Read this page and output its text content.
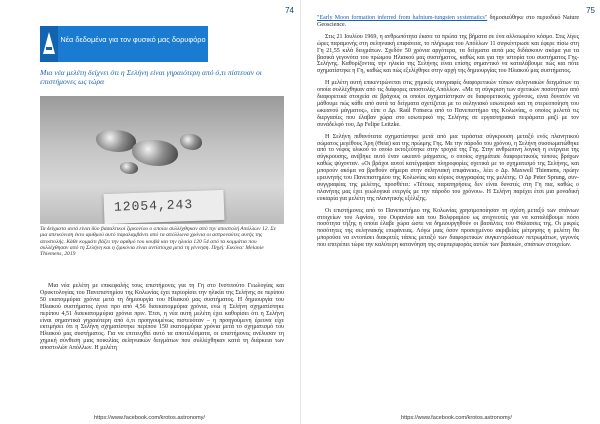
74
Νέα δεδομένα για τον φυσικό μας δορυφόρο
Μια νέα μελέτη δείχνει ότι η Σελήνη είναι γηραιότερη από ό,τι πίστευαν οι επιστήμονες ως τώρα
12054,243
Τα δείγματα αυτά είναι δύο βασαλτικοί ζιρκονίου ο οποίοι συλλέχθηκαν από την αποστολή Απόλλων 12. Σε μια απεικόνιση έκτο αριθμού αυτό παραλαμβάνει από τα απόλλωνα χρόνια οι αστροναύτες αυτής της αποστολής. Κάθε κομμάτι βάζει την αριθμό του κουβά και την ηλικία 120 54 από τα κομμάτια που συλλέχθησαν από τη Σελήνη και η ζιρκόνια είναι αντίστοιχα μετά τη γέννηση. Πηγή: Εικόνα: Melanie Thiemens, 2019

Μια νέα μελέτη με επικεφαλής τους επιστήμονες για τη Γη στο Ινστιτούτο Γεωλογίας και Ορυκτολογίας του Πανεπιστημίου της Κολωνίας έχει περιορίσει την ηλικία της Σελήνης σε περίπου 50 εκατομμύρια χρόνια μετά τη δημιουργία του Ηλιακού μας συστήματος. Η δημιουργία του Ηλιακού συστήματος έγινε προ από 4,56 δισεκατομμύρια χρόνια, ενώ η Σελήνη σχηματίστηκε περίπου 4,51 δισεκατομμύρια χρόνια πριν. Έτσι, η νέα αυτή μελέτη έχει καθορίσει ότι η Σελήνη είναι σημαντικά γηραιότερη από ό,τι προηγουμένως πιστευόταν – η προηγούμενη έρευνα είχε εκτιμήσει ότι η Σελήνη σχηματίστηκε περίπου 150 εκατομμύρια χρόνια μετά το σχηματισμό του Ηλιακού μας συστήματος. Για να επιτευχθεί αυτό τα αποτελέσματα, οι επιστήμονες ανέλυσαν τη χημική σύνθεση μιας ποικιλίας σεληνιακών δειγμάτων που συλλέχθηκαν κατά τη διάρκεια των αποστολών Απόλλων. Η μελέτη

https://www.facebook.com/krotos.astronomy/
75

"Early Moon formation inferred from hafnium-tungsten systematics" δημοσιεύθηκε στο περιοδικό Nature Geoscience.

Στις 21 Ιουλίου 1969, η ανθρωπότητα έκανε τα πρώτα της βήματα σε ένα αλλοιωμένο κόσμο. Στις λίγες ώρες παραμονής στη σεληνιακή επιφάνεια, το πλήρωμα του Απόλλων 11 συγκέντρωσε και έφερε πίσω στη Γη 21,55 κιλά δειγμάτων. Σχεδόν 50 χρόνια αργότερα, τα δείγματα αυτά μας διδάσκουν ακόμα για τα βασικά γεγονότα του πρώιμου Ηλιακού μας συστήματος, καθώς και για την ιστορία του συστήματος Γης-Σελήνης. Καθορίζοντας την ηλικία της Σελήνης είναι επίσης σημαντικό να καταλάβουμε πώς και πότε σχηματίστηκε η Γη, καθώς και πώς εξελίχθηκε στην αρχή της δημιουργίας του Ηλιακού μας συστήματος.

Η μελέτη αυτή επικεντρώνεται στις χημικές υπογραφές διαφορετικών τύπων σεληνιακών δειγμάτων τα οποία συλλέχθηκαν από τις διάφορες αποστολές Απόλλων. «Με τη σύγκριση των σχετικών ποσοτήτων από διαφορετικά στοιχεία σε βράχους οι οποίοι σχηματίστηκαν σε διαφορετικούς χρόνους, είναι δυνατόν να μάθουμε πώς κάθε από αυτά τα δείγματα σχετίζεται με το σεληνιακό εσωτερικό και τη στερεοποίηση του ωκεανού μάγματος», είπε ο Δρ. Raúl Fonseca από το Πανεπιστήμιο της Κολωνίας, ο οποίος μελετά τις διεργασίες που έλαβαν χώρα στο εσωτερικό της Σελήνης σε εργαστηριακά πειράματα μαζί με τον συνάδελφό του, Δρ Felipe Leitzke.

Η Σελήνη πιθανότατα σχηματίστηκε μετά από μια τεράστια σύγκρουση μεταξύ ενός πλανητικού σώματος μεγέθους Άρη (Θεία) και της πρώιμης Γης. Με την πάροδο του χρόνου, η Σελήνη συσσωματώθηκε από το νέφος υλικού το οποίο εκτοξεύτηκε στην τροχιά της Γης. Στην ανθρώπινη λογική η ενέργεια της σύγκρουσης, ανέβηκε αυτό έναν ωκεανό μάγματος, ο οποίος σχημάτισε διαφορετικούς τύπους βράχων καθώς ψύχονταν. «Οι βράχοι αυτοί κατέγραψαν πληροφορίες σχετικά με το σχηματισμό της Σελήνης, και μπορούν ακόμα να βρεθούν σήμερα στην σεληνιακή επιφάνεια», λέει ο Δρ. Maxwell Thiemens, πρώην ερευνητής του Πανεπιστημίου της Κολωνίας και κύριος συγγραφέας της μελέτης. Ο Δρ Peter Sprung, συν-συγγραφέας της μελέτης, προσθέτει: «Τέτοιες παρατηρήσεις δεν είναι δυνατές στη Γη πια, καθώς ο πλανήτης μας έχει γεωλογικά ενεργός με την πάροδο του χρόνου». Η Σελήνη παρέχει έτσι μια μοναδική ευκαιρία για μελέτη της πλανητικής εξέλιξης.

Οι επιστήμονες από το Πανεπιστήμιο της Κολωνίας χρησιμοποίησαν τη σχέση μεταξύ των σπάνιων στοιχείων του Αφνίου, του Ουρανίου και του Βολφραμίου ως ανιχνευτές για να καταλάβουμε πόσο ποσότητα τήξης η οποία έλαβε χώρα ώστε να δημιουργηθούν οι βασάλτες του Θάλασσες της. Οι μικρές ποσότητες της σεληνιακής επιφάνειας. Λόγω μιας όσον προσεγμένου ακριβείας μέτρησης η μελέτη θα μπορούσε να εντοπίσει διακριτές τάσεις μεταξύ των διαφορετικών συγκεντρώσεων πετρωμάτων, γεγονός που επιτρέπει τώρα την καλύτερη κατανόηση της συμπεριφοράς αυτών των βασικών, σπάνιων στοιχείων.

https://www.facebook.com/krotos.astronomy/
